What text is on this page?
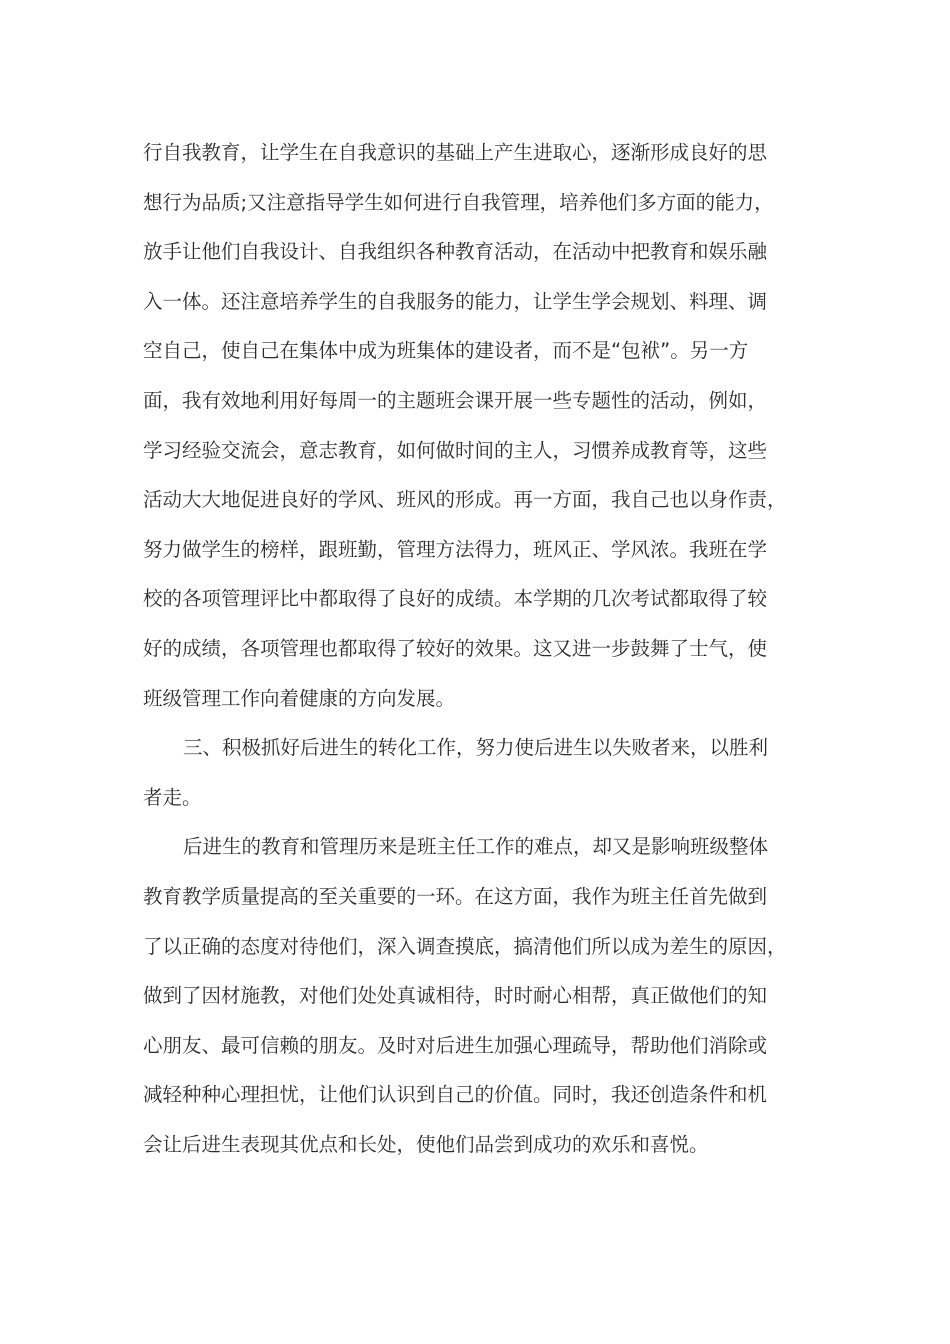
行自我教育，让学生在自我意识的基础上产生进取心，逐渐形成良好的思
想行为品质;又注意指导学生如何进行自我管理，培养他们多方面的能力，
放手让他们自我设计、自我组织各种教育活动，在活动中把教育和娱乐融
入一体。还注意培养学生的自我服务的能力，让学生学会规划、料理、调
空自己，使自己在集体中成为班集体的建设者，而不是“包袱”。另一方
面，我有效地利用好每周一的主题班会课开展一些专题性的活动，例如，
学习经验交流会，意志教育，如何做时间的主人，习惯养成教育等，这些
活动大大地促进良好的学风、班风的形成。再一方面，我自己也以身作责，
努力做学生的榜样，跟班勤，管理方法得力，班风正、学风浓。我班在学
校的各项管理评比中都取得了良好的成绩。本学期的几次考试都取得了较
好的成绩，各项管理也都取得了较好的效果。这又进一步鼓舞了士气，使
班级管理工作向着健康的方向发展。
三、积极抓好后进生的转化工作，努力使后进生以失败者来，以胜利
者走。
后进生的教育和管理历来是班主任工作的难点，却又是影响班级整体
教育教学质量提高的至关重要的一环。在这方面，我作为班主任首先做到
了以正确的态度对待他们，深入调查摸底，搞清他们所以成为差生的原因，
做到了因材施教，对他们处处真诚相待，时时耐心相帮，真正做他们的知
心朋友、最可信赖的朋友。及时对后进生加强心理疏导，帮助他们消除或
减轻种种心理担忧，让他们认识到自己的价值。同时，我还创造条件和机
会让后进生表现其优点和长处，使他们品尝到成功的欢乐和喜悦。
